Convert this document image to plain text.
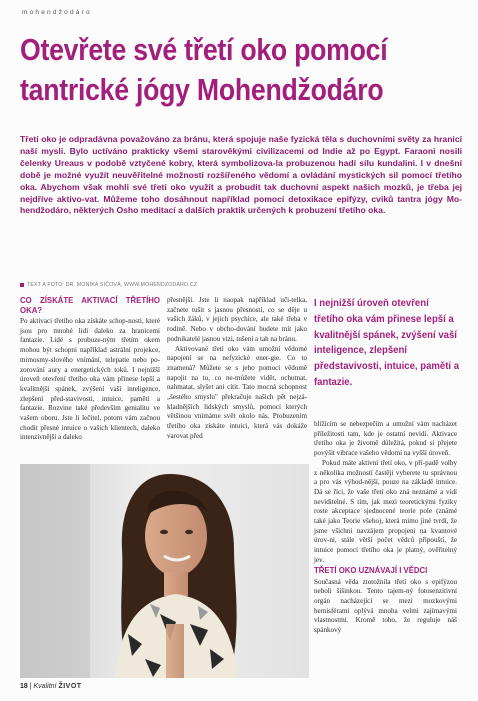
mohendžodáro
Otevřete své třetí oko pomocí
tantrické jógy Mohendžodáro

Třetí oko je odpradávna považováno za bránu, která spojuje naše fyzická těla s duchovními světy za hranicí naší mysli. Bylo uctíváno prakticky všemi starověkými civilizacemi od Indie až po Egypt. Faraoni nosili čelenky Ureaus v podobě vztyčené kobry, která symbolizova-la probuzenou hadí sílu kundalini. I v dnešní době je možné využít neuvěřitelné možnosti rozšířeného vědomí a ovládání mystických sil pomocí třetího oka. Abychom však mohli své třetí oko využít a probudit tak duchovní aspekt našich mozků, je třeba jej nejdříve aktivo-vat. Můžeme toho dosáhnout například pomocí detoxikace epifýzy, cviků tantra jógy Mo-hendžodáro, některých Osho meditací a dalších praktik určených k probuzení třetího oka.

TEXT A FOTO: DR. MONIKA SIČOVÁ, WWW.MOHENDZODARO.CZ
CO ZÍSKÁTE AKTIVACÍ TŘETÍHO OKA?

Po aktivaci třetího oka získáte schop-nosti, které jsou pro mnohé lidi daleko za hranicemi fantazie. Lidé s probuze-ným třetím okem mohou být schopni například astrální projekce, mimosmy-slového vnímání, telepatie nebo po-zorování aury a energetických toků. I nejnižší úroveň otevření třetího oka vám přinese lepší a kvalitnější spánek, zvýšení vaší inteligence, zlepšení před-stavivosti, intuice, paměti a fantazie. Rozvine také především genialitu ve vašem oboru. Jste li lečitel, potom vám začnou chodit přesné intuice o vašich klientech, daleko intenzivnější a daleko

přesnější. Jste li naopak například uči-telka, začnete tušit s jasnou přesností, co se děje u vašich žáků, v jejich psychice, ale také třeba v rodině. Nebo v obcho-dování budete mít jako podnikatelé jasnou vizi, tušení a tah na bránu.

Aktivované třetí oko vám umožní vědomé napojení se na nefyzické ener-gie. Co to znamená? Můžete se s jeho pomocí vědomě napojit na to, co ne-můžete vidět, ochutnat, nahmatat, slyšet ani cítit. Tato mocná schopnost „šestého smyslu" překračuje našich pět nejzá-kladnějších lidských smyslů, pomocí kterých většinou vnímáme svět okolo nás. Probuzením třetího oka získáte intuici, která vás dokáže varovat před

I nejnižší úroveň otevření třetího oka vám přinese lepší a kvalitnější spánek, zvýšení vaší inteligence, zlepšení představivosti, intuice, paměti a fantazie.

blížícím se nebezpečím a umožní vám nacházet příležitosti tam, kde je ostatní nevidí. Aktivace třetího oka je životně důležitá, pokud si přejete povýšit vibrace vašeho vědomí na vyšší úroveň.

Pokud máte aktivní třetí oko, v pří-padě volby z několika možností častěji vyberete tu správnou a pro vás výhod-nější, pouze na základě intuice. Dá se říci, že vaše třetí oko zná neznámé a vidí neviditelné. S tím, jak mezi teoretickými fyziky roste akceptace sjednocené teorie pole (známé také jako Teorie všeho), která mimo jiné tvrdí, že jsme všichni navzájem propojeni na kvantové úrov-ni, stále větší počet vědců připouští, že intuice pomocí třetího oka je platný, ověřitelný jev.

TŘETÍ OKO UZNÁVAJÍ I VĚDCI

Současná věda ztotožnila třetí oko s epifýzou neboli šišinkou. Tento tajem-ný fotosenzitivní orgán nacházející se mezi mozkovými hemisférami oplývá mnoha velmi zajímavými vlastnostmi. Kromě toho, že reguluje náš spánkový

18 | Kvalitní ŽIVOT
